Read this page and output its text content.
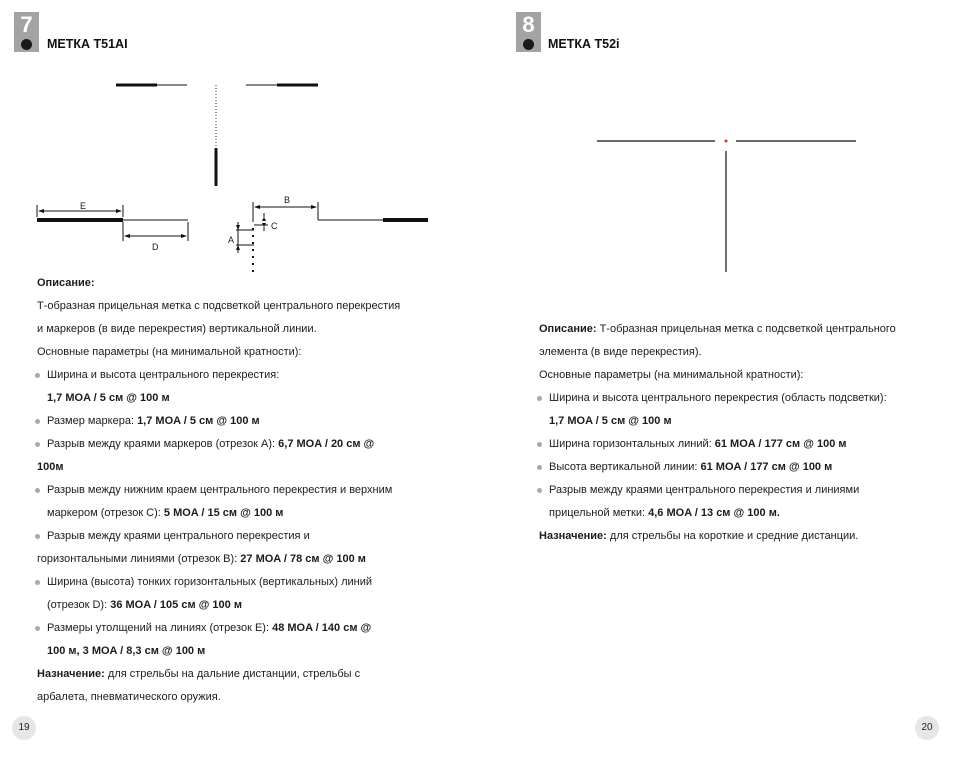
7
МЕТКА T51AI
E
D
B
A
C
Описание:
Т-образная прицельная метка с подсветкой центрального перекрестия
и маркеров (в виде перекрестия) вертикальной линии.
Основные параметры (на минимальной кратности):
Ширина и высота центрального перекрестия:
1,7 MOA / 5 см @ 100 м
Размер маркера: 1,7 MOA / 5 см @ 100 м
Разрыв между краями маркеров (отрезок А): 6,7 MOA / 20 см @
100м
Разрыв между нижним краем центрального перекрестия и верхним
маркером (отрезок С): 5 MOA / 15 см @ 100 м
Разрыв между краями центрального перекрестия и
горизонтальными линиями (отрезок В): 27 MOA / 78 см @ 100 м
Ширина (высота) тонких горизонтальных (вертикальных) линий
(отрезок D): 36 MOA / 105 см @ 100 м
Размеры утолщений на линиях (отрезок Е): 48 MOA / 140 см @
100 м, 3 MOA / 8,3 см @ 100 м
Назначение: для стрельбы на дальние дистанции, стрельбы с
арбалета, пневматического оружия.
19
8
МЕТКА T52i
Описание: Т-образная прицельная метка с подсветкой центрального
элемента (в виде перекрестия).
Основные параметры (на минимальной кратности):
Ширина и высота центрального перекрестия (область подсветки):
1,7 MOA / 5 см @ 100 м
Ширина горизонтальных линий: 61 MOA / 177 см @ 100 м
Высота вертикальной линии: 61 MOA / 177 см @ 100 м
Разрыв между краями центрального перекрестия и линиями
прицельной метки: 4,6 MOA / 13 см @ 100 м.
Назначение: для стрельбы на короткие и средние дистанции.
20
